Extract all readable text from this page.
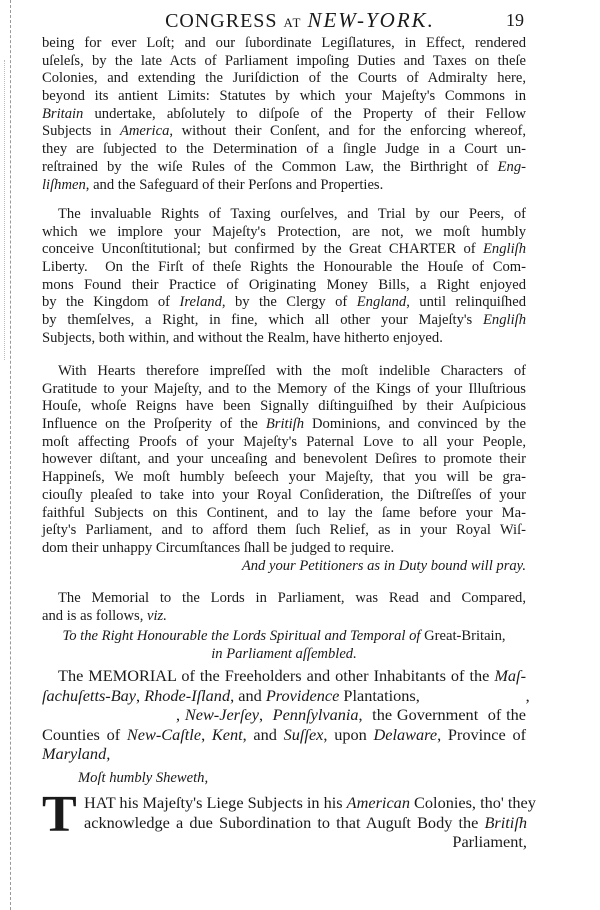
CONGRESS AT NEW-YORK.	19
being for ever Loſt; and our ſubordinate Legiſlatures, in Effect, rendered
uſeleſs, by the late Acts of Parliament impoſing Duties and Taxes on theſe
Colonies, and extending the Juriſdiction of the Courts of Admiralty here,
beyond its antient Limits: Statutes by which your Majeſty's Commons in
Britain undertake, abſolutely to diſpoſe of the Property of their Fellow
Subjects in America, without their Conſent, and for the enforcing whereof,
they are ſubjected to the Determination of a ſingle Judge in a Court un-
reſtrained by the wiſe Rules of the Common Law, the Birthright of Eng-
liſhmen, and the Safeguard of their Perſons and Properties.
The invaluable Rights of Taxing ourſelves, and Trial by our Peers, of
which we implore your Majeſty's Protection, are not, we moſt humbly
conceive Unconſtitutional; but confirmed by the Great CHARTER of Engliſh
Liberty.  On the Firſt of theſe Rights the Honourable the Houſe of Com-
mons Found their Practice of Originating Money Bills, a Right enjoyed
by the Kingdom of Ireland, by the Clergy of England, until relinquiſhed
by themſelves, a Right, in fine, which all other your Majeſty's Engliſh
Subjects, both within, and without the Realm, have hitherto enjoyed.
With Hearts therefore impreſſed with the moſt indelible Characters of
Gratitude to your Majeſty, and to the Memory of the Kings of your Illuſtrious
Houſe, whoſe Reigns have been Signally diſtinguiſhed by their Auſpicious
Influence on the Proſperity of the Britiſh Dominions, and convinced by the
moſt affecting Proofs of your Majeſty's Paternal Love to all your People,
however diſtant, and your unceaſing and benevolent Deſires to promote their
Happineſs, We moſt humbly beſeech your Majeſty, that you will be gra-
ciouſly pleaſed to take into your Royal Conſideration, the Diſtreſſes of your
faithful Subjects on this Continent, and to lay the ſame before your Ma-
jeſty's Parliament, and to afford them ſuch Relief, as in your Royal Wiſ-
dom their unhappy Circumſtances ſhall be judged to require.
And your Petitioners as in Duty bound will pray.
The Memorial to the Lords in Parliament, was Read and Compared,
and is as follows, viz.
To the Right Honourable the Lords Spiritual and Temporal of Great-Britain,
in Parliament aſſembled.
The MEMORIAL of the Freeholders and other Inhabitants of the Maſ-
ſachuſetts-Bay, Rhode-Iſland, and Providence Plantations,                          ,
, New-Jerſey,  Pennſylvania,  the Government  of the
Counties of New-Caſtle, Kent, and Suſſex, upon Delaware, Province of
Maryland,
Moſt humbly Sheweth,
T HAT his Majeſty's Liege Subjects in his American Colonies, tho' they
acknowledge a due Subordination to that Auguſt Body the Britiſh
Parliament,
